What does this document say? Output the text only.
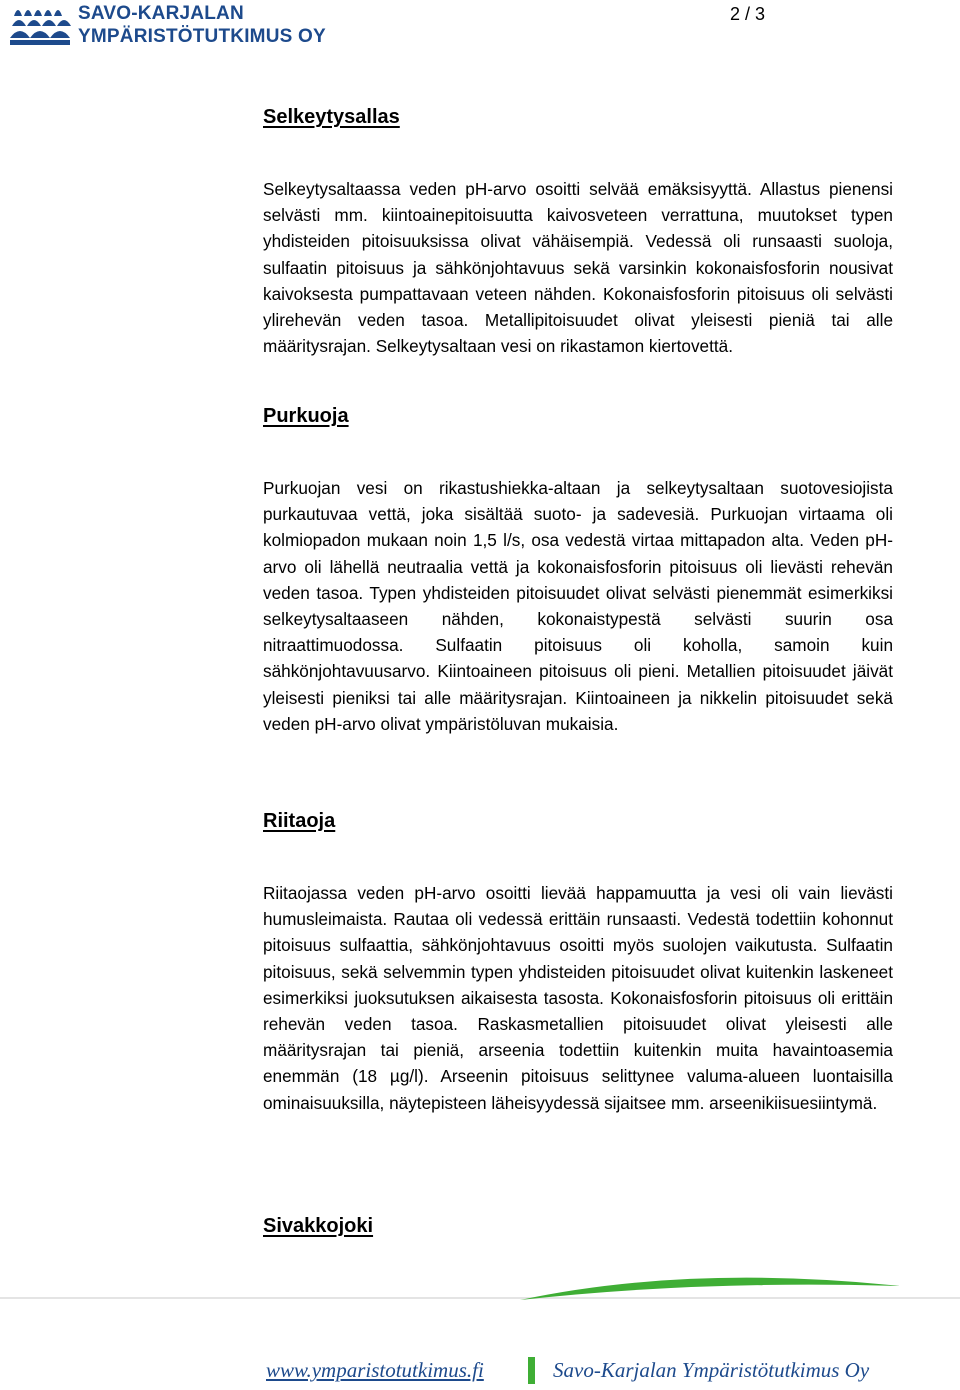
SAVO-KARJALAN
YMPÄRISTÖTUTKIMUS OY
2 / 3
Selkeytysallas

Selkeytysaltaassa veden pH-arvo osoitti selvää emäksisyyttä. Allastus pienensi selvästi mm. kiintoainepitoisuutta kaivosveteen verrattuna, muutokset typen yhdisteiden pitoisuuksissa olivat vähäisempiä. Vedessä oli runsaasti suoloja, sulfaatin pitoisuus ja sähkönjohtavuus sekä varsinkin kokonaisfosforin nousivat kaivoksesta pumpattavaan veteen nähden. Kokonaisfosforin pitoisuus oli selvästi ylirehevän veden tasoa. Metallipitoisuudet olivat yleisesti pieniä tai alle määritysrajan. Selkeytysaltaan vesi on rikastamon kiertovettä.

Purkuoja

Purkuojan vesi on rikastushiekka-altaan ja selkeytysaltaan suotovesiojista purkautuvaa vettä, joka sisältää suoto- ja sadevesiä. Purkuojan virtaama oli kolmiopadon mukaan noin 1,5 l/s, osa vedestä virtaa mittapadon alta. Veden pH-arvo oli lähellä neutraalia vettä ja kokonaisfosforin pitoisuus oli lievästi rehevän veden tasoa. Typen yhdisteiden pitoisuudet olivat selvästi pienemmät esimerkiksi selkeytysaltaaseen nähden, kokonaistypestä selvästi suurin osa nitraattimuodossa. Sulfaatin pitoisuus oli koholla, samoin kuin sähkönjohtavuusarvo. Kiintoaineen pitoisuus oli pieni. Metallien pitoisuudet jäivät yleisesti pieniksi tai alle määritysrajan. Kiintoaineen ja nikkelin pitoisuudet sekä veden pH-arvo olivat ympäristöluvan mukaisia.

Riitaoja

Riitaojassa veden pH-arvo osoitti lievää happamuutta ja vesi oli vain lievästi humusleimaista. Rautaa oli vedessä erittäin runsaasti. Vedestä todettiin kohonnut pitoisuus sulfaattia, sähkönjohtavuus osoitti myös suolojen vaikutusta. Sulfaatin pitoisuus, sekä selvemmin typen yhdisteiden pitoisuudet olivat kuitenkin laskeneet esimerkiksi juoksutuksen aikaisesta tasosta. Kokonaisfosforin pitoisuus oli erittäin rehevän veden tasoa. Raskasmetallien pitoisuudet olivat yleisesti alle määritysrajan tai pieniä, arseenia todettiin kuitenkin muita havaintoasemia enemmän (18 µg/l). Arseenin pitoisuus selittynee valuma-alueen luontaisilla ominaisuuksilla, näytepisteen läheisyydessä sijaitsee mm. arseenikiisuesiintymä.

Sivakkojoki
www.ymparistotutkimus.fi	Savo-Karjalan Ympäristötutkimus Oy
